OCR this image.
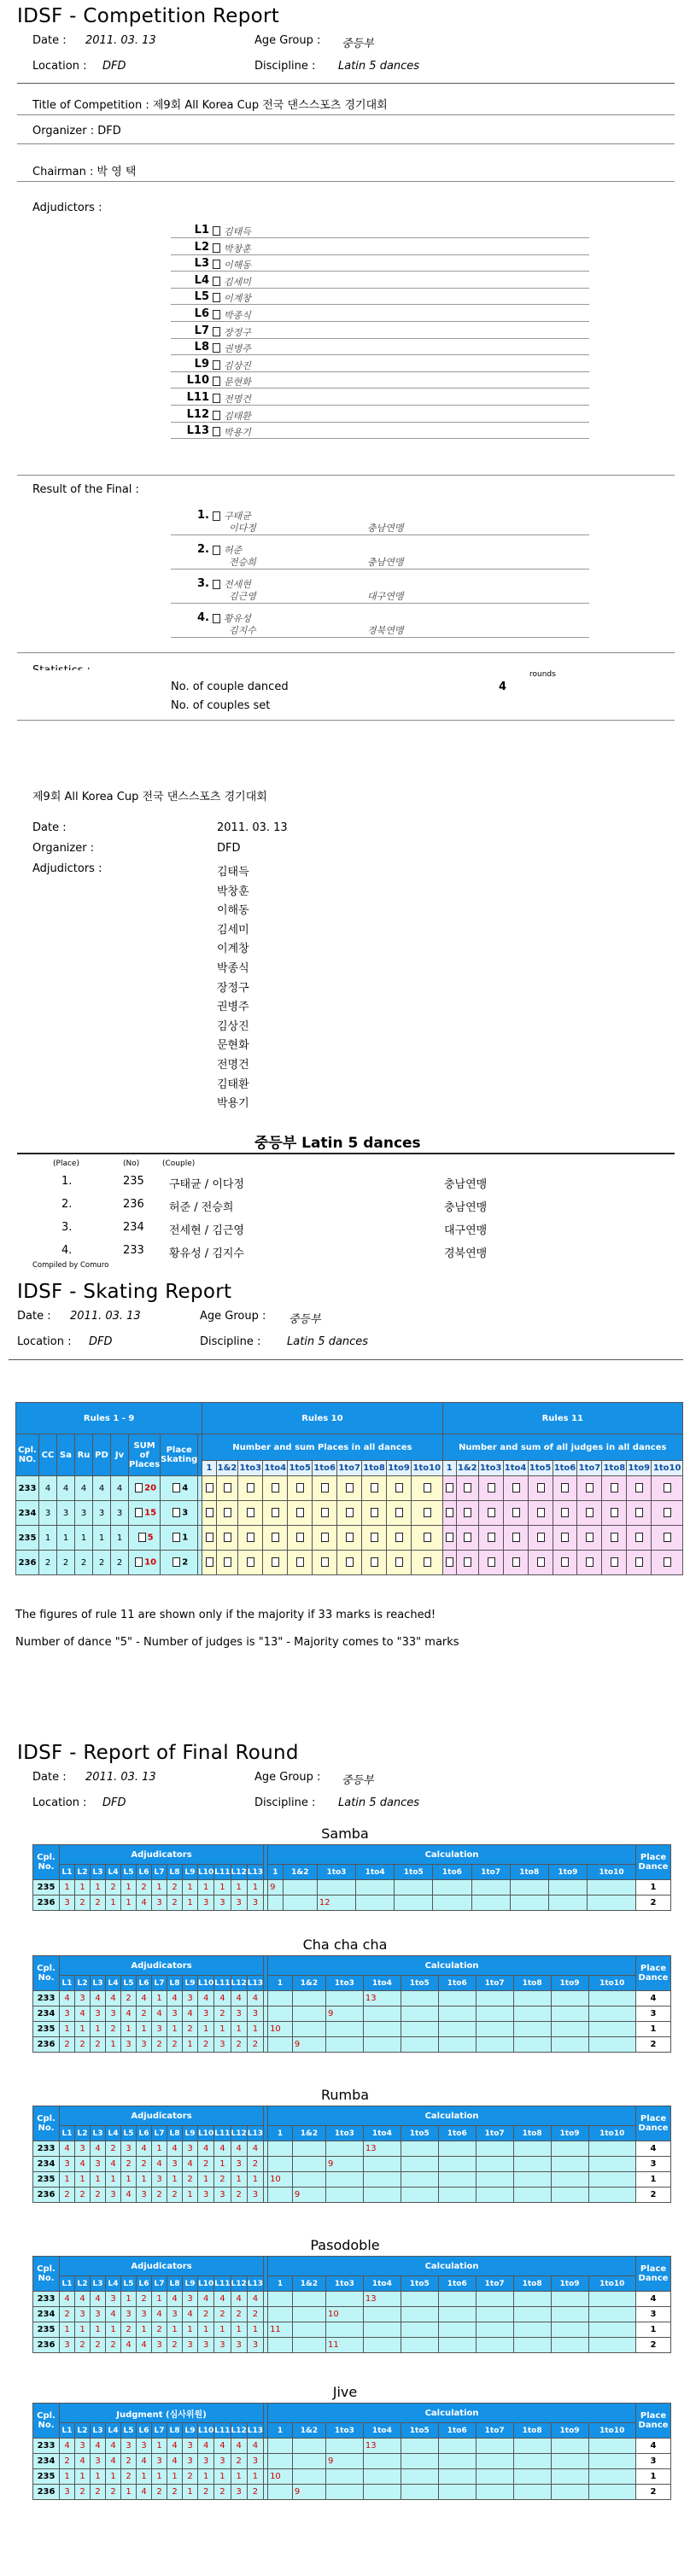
IDSF - Competition Report
Date : 2011. 03. 13	Age Group : 중등부
Location : DFD	Discipline : Latin 5 dances
Title of Competition : 제9회 All Korea Cup 전국 댄스스포츠 경기대회
Organizer : DFD
Chairman : 박 영 택
Adjudictors :
Result of the Final :
L1 김태득
L2 박창훈
L3 이해동
L4 김세미
L5 이계창
L6 박종식
L7 장정구
L8 권병주
L9 김상진
L10 문현화
L11 전명건
L12 김태환
L13 박용기
1. 구태균
이다정	충남연맹
2. 허준
전승희	충남연맹
3. 전세현
김근영	대구연맹
4. 황유성
김지수	경북연맹
rounds
No. of couple danced	4
No. of couples set
제9회 All Korea Cup 전국 댄스스포츠 경기대회
Date :	2011. 03. 13
Organizer :	DFD
Adjudictors :
중등부 Latin 5 dances
(Place)	(No)	(Couple)
Compiled by Comuro
김태득
박창훈
이해동
김세미
이계창
박종식
장정구
권병주
김상진
문현화
전명건
김태환
박용기
1.	235 구태균 / 이다정	충남연맹
2.	236 허준 / 전승희	충남연맹
3.	234 전세현 / 김근영	대구연맹
4.	233 황유성 / 김지수	경북연맹
IDSF - Skating Report
Date : 2011. 03. 13	Age Group : 중등부
Location : DFD	Discipline : Latin 5 dances
Rules 1 - 9									Rules 10										Rules 11									
Cpl. NO.	CC	Sa	Ru	PD	Jv	SUM of Places	Place Skating		Number and sum Places in all dances										Number and sum of all judges in all dances									
									1	1&2	1to3	1to4	1to5	1to6	1to7	1to8	1to9	1to10	1	1&2	1to3	1to4	1to5	1to6	1to7	1to8	1to9	1to10
233	4	4	4	4	4	20	4																					
234	3	3	3	3	3	15	3																					
235	1	1	1	1	1	5	1																					
236	2	2	2	2	2	10	2																					
The figures of rule 11 are shown only if the majority if 33 marks is reached!
Number of dance "5" - Number of judges is "13" - Majority comes to "33" marks
IDSF - Report of Final Round
Date : 2011. 03. 13	Age Group : 중등부
Location : DFD	Discipline : Latin 5 dances
Samba
Cpl. No.	Adjudicators														Calculation										Place Dance
	L1	L2	L3	L4	L5	L6	L7	L8	L9	L10	L11	L12	L13		1	1&2	1to3	1to4	1to5	1to6	1to7	1to8	1to9	1to10	
235	1	1	1	2	1	2	1	2	1	1	1	1	1		9										1
236	3	2	2	1	1	4	3	2	1	3	3	3	3				12								2
Cha cha cha
Cpl. No.	Adjudicators														Calculation										Place Dance
	L1	L2	L3	L4	L5	L6	L7	L8	L9	L10	L11	L12	L13		1	1&2	1to3	1to4	1to5	1to6	1to7	1to8	1to9	1to10	
233	4	3	4	4	2	4	1	4	3	4	4	4	4					13							4
234	3	4	3	3	4	2	4	3	4	3	2	3	3				9								3
235	1	1	1	2	1	1	3	1	2	1	1	1	1		10										1
236	2	2	2	1	3	3	2	2	1	2	3	2	2			9									2
Rumba
Cpl. No.	Adjudicators														Calculation										Place Dance
	L1	L2	L3	L4	L5	L6	L7	L8	L9	L10	L11	L12	L13		1	1&2	1to3	1to4	1to5	1to6	1to7	1to8	1to9	1to10	
233	4	3	4	2	3	4	1	4	3	4	4	4	4					13							4
234	3	4	3	4	2	2	4	3	4	2	1	3	2				9								3
235	1	1	1	1	1	1	3	1	2	1	2	1	1		10										1
236	2	2	2	3	4	3	2	2	1	3	3	2	3			9									2
Pasodoble
Cpl. No.	Adjudicators														Calculation										Place Dance
	L1	L2	L3	L4	L5	L6	L7	L8	L9	L10	L11	L12	L13		1	1&2	1to3	1to4	1to5	1to6	1to7	1to8	1to9	1to10	
233	4	4	4	3	1	2	1	4	3	4	4	4	4					13							4
234	2	3	3	4	3	3	4	3	4	2	2	2	2				10								3
235	1	1	1	1	2	1	2	1	1	1	1	1	1		11										1
236	3	2	2	2	4	4	3	2	3	3	3	3	3				11								2
Jive
Cpl. No.	Judgment (심사위원)														Calculation										Place Dance
	L1	L2	L3	L4	L5	L6	L7	L8	L9	L10	L11	L12	L13		1	1&2	1to3	1to4	1to5	1to6	1to7	1to8	1to9	1to10	
233	4	3	4	4	3	3	1	4	3	4	4	4	4					13							4
234	2	4	3	4	2	4	3	4	3	3	3	2	3				9								3
235	1	1	1	1	2	1	1	1	2	1	1	1	1		10										1
236	3	2	2	2	1	4	2	2	1	2	2	3	2			9									2
